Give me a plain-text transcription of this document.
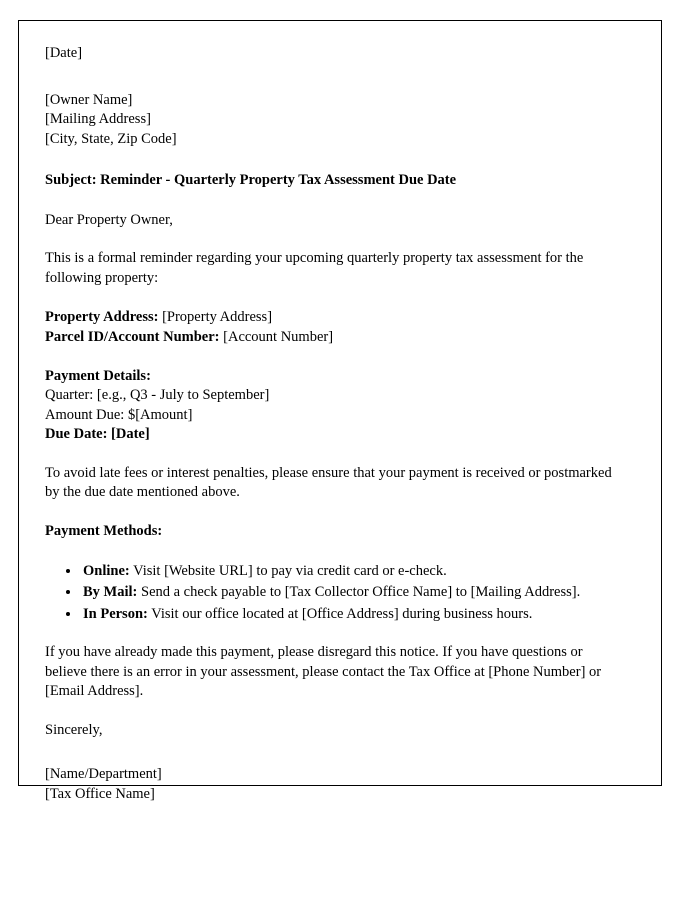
[Date]
[Owner Name]
[Mailing Address]
[City, State, Zip Code]
Subject: Reminder - Quarterly Property Tax Assessment Due Date
Dear Property Owner,
This is a formal reminder regarding your upcoming quarterly property tax assessment for the following property:
Property Address: [Property Address]
Parcel ID/Account Number: [Account Number]
Payment Details:
Quarter: [e.g., Q3 - July to September]
Amount Due: $[Amount]
Due Date: [Date]
To avoid late fees or interest penalties, please ensure that your payment is received or postmarked by the due date mentioned above.
Payment Methods:
• Online: Visit [Website URL] to pay via credit card or e-check.
• By Mail: Send a check payable to [Tax Collector Office Name] to [Mailing Address].
• In Person: Visit our office located at [Office Address] during business hours.
If you have already made this payment, please disregard this notice. If you have questions or believe there is an error in your assessment, please contact the Tax Office at [Phone Number] or [Email Address].
Sincerely,
[Name/Department]
[Tax Office Name]
